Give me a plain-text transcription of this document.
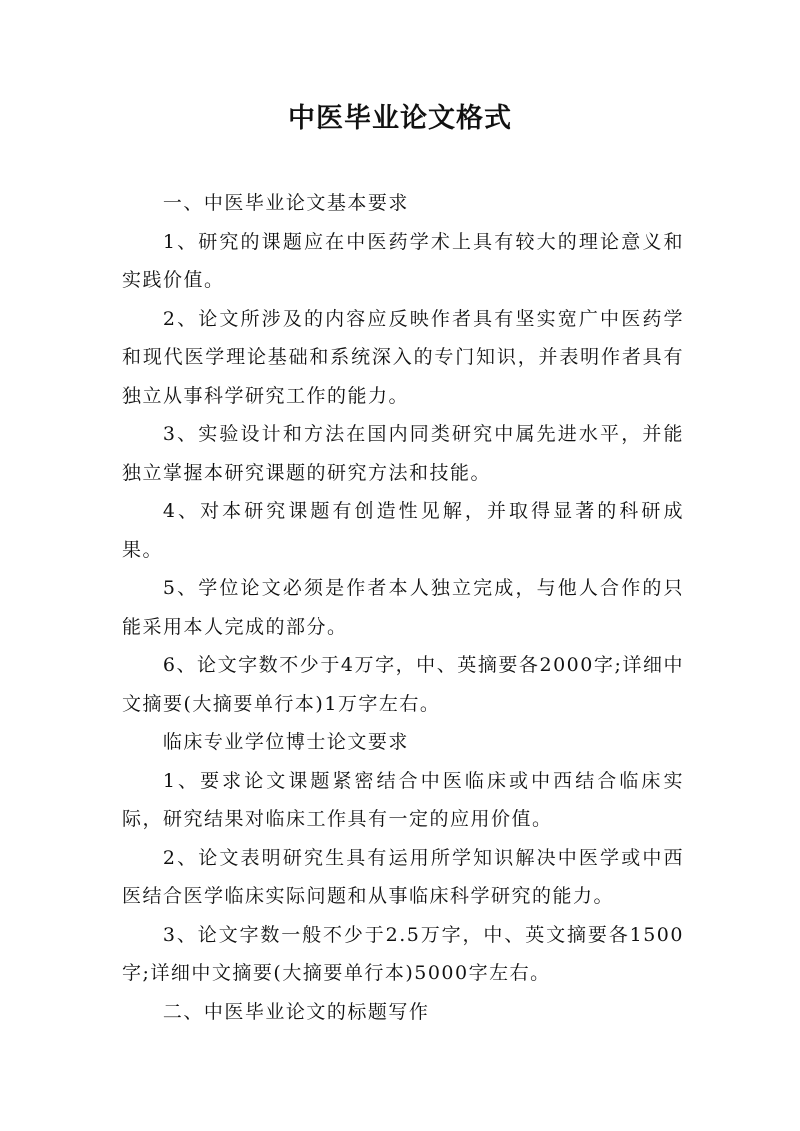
中医毕业论文格式

一、中医毕业论文基本要求

1、研究的课题应在中医药学术上具有较大的理论意义和实践价值。

2、论文所涉及的内容应反映作者具有坚实宽广中医药学和现代医学理论基础和系统深入的专门知识，并表明作者具有独立从事科学研究工作的能力。

3、实验设计和方法在国内同类研究中属先进水平，并能独立掌握本研究课题的研究方法和技能。

4、对本研究课题有创造性见解，并取得显著的科研成果。

5、学位论文必须是作者本人独立完成，与他人合作的只能采用本人完成的部分。

6、论文字数不少于4万字，中、英摘要各2000字;详细中文摘要(大摘要单行本)1万字左右。

临床专业学位博士论文要求

1、要求论文课题紧密结合中医临床或中西结合临床实际，研究结果对临床工作具有一定的应用价值。

2、论文表明研究生具有运用所学知识解决中医学或中西医结合医学临床实际问题和从事临床科学研究的能力。

3、论文字数一般不少于2.5万字，中、英文摘要各1500字;详细中文摘要(大摘要单行本)5000字左右。

二、中医毕业论文的标题写作
